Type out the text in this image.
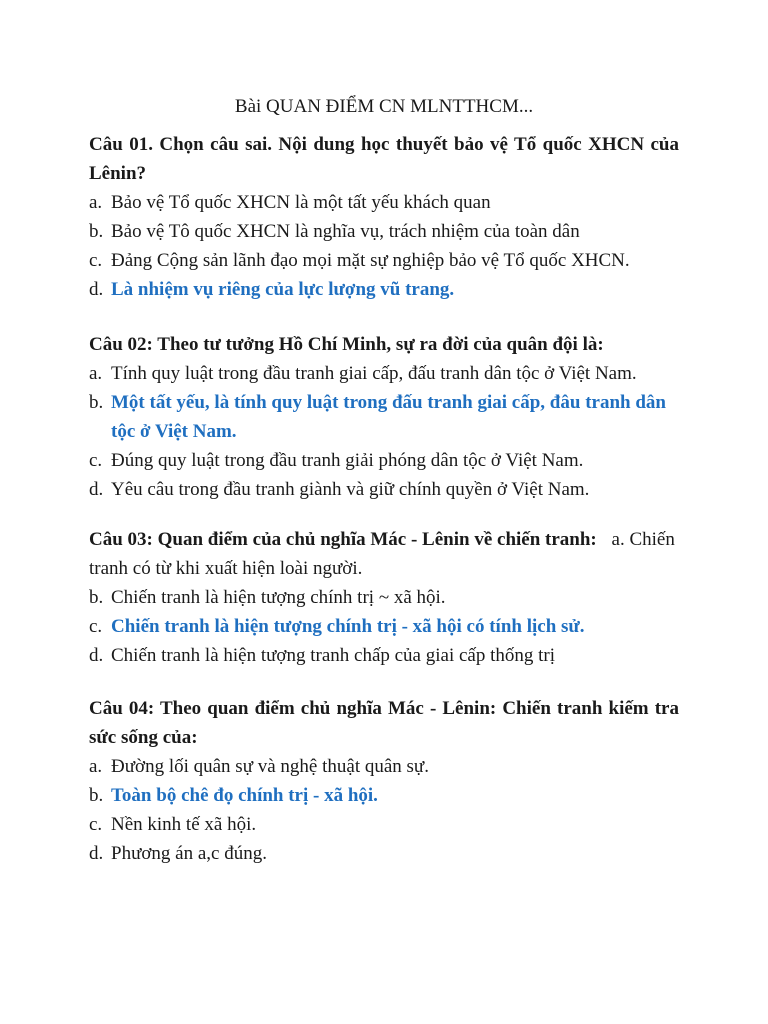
Bài QUAN ĐIỂM CN MLNTTHCM...
Câu 01. Chọn câu sai. Nội dung học thuyết bảo vệ Tổ quốc XHCN của Lênin?
a. Bảo vệ Tổ quốc XHCN là một tất yếu khách quan
b. Bảo vệ Tô quốc XHCN là nghĩa vụ, trách nhiệm của toàn dân
c. Đảng Cộng sản lãnh đạo mọi mặt sự nghiệp bảo vệ Tổ quốc XHCN.
d. Là nhiệm vụ riêng của lực lượng vũ trang.
Câu 02: Theo tư tưởng Hồ Chí Minh, sự ra đời của quân đội là:
a. Tính quy luật trong đầu tranh giai cấp, đấu tranh dân tộc ở Việt Nam.
b. Một tất yếu, là tính quy luật trong đấu tranh giai cấp, đâu tranh dân tộc ở Việt Nam.
c. Đúng quy luật trong đầu tranh giải phóng dân tộc ở Việt Nam.
d. Yêu câu trong đầu tranh giành và giữ chính quyền ở Việt Nam.
Câu 03: Quan điểm của chủ nghĩa Mác - Lênin về chiến tranh: a. Chiến tranh có từ khi xuất hiện loài người.
b. Chiến tranh là hiện tượng chính trị ~ xã hội.
c. Chiến tranh là hiện tượng chính trị - xã hội có tính lịch sử.
d. Chiến tranh là hiện tượng tranh chấp của giai cấp thống trị
Câu 04: Theo quan điểm chủ nghĩa Mác - Lênin: Chiến tranh kiếm tra sức sống của:
a. Đường lối quân sự và nghệ thuật quân sự.
b. Toàn bộ chê đọ chính trị - xã hội.
c. Nền kinh tế xã hội.
d. Phương án a,c đúng.
